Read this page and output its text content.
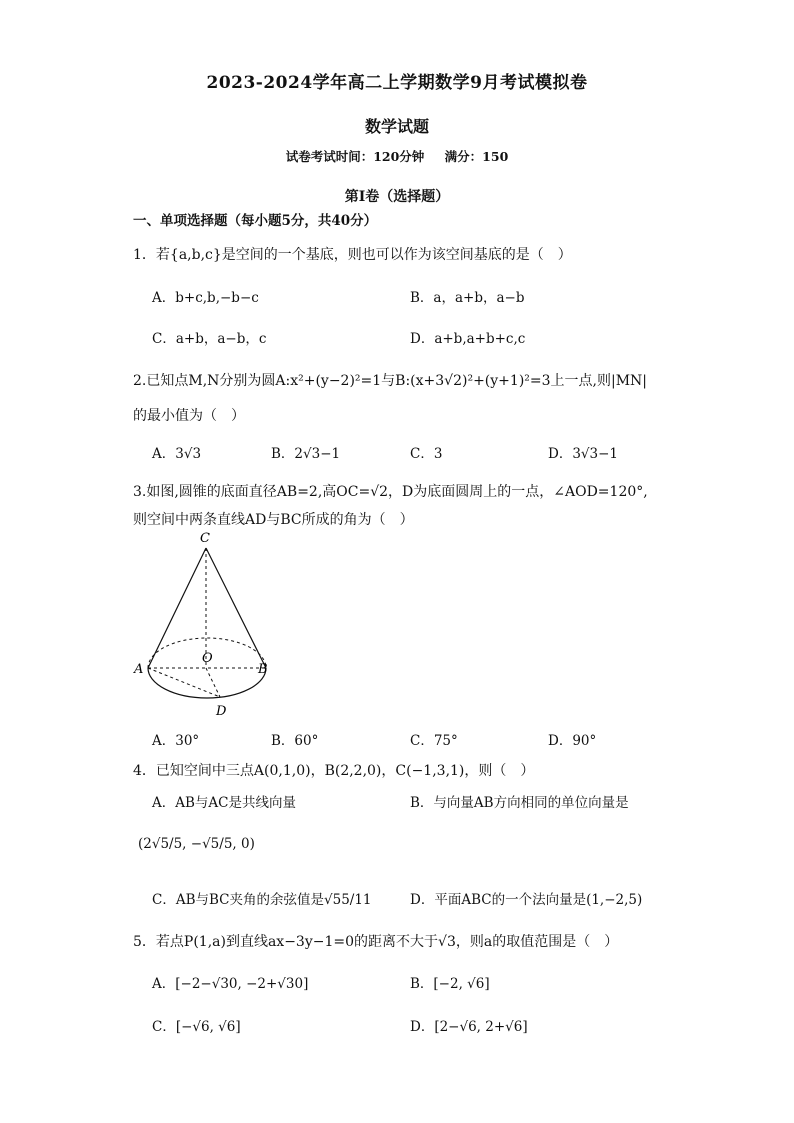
2023-2024学年高二上学期数学9月考试模拟卷
数学试题
试卷考试时间：120分钟 满分：150
第I卷（选择题）
一、单项选择题（每小题5分，共40分）
1．若{a,b,c}是空间的一个基底，则也可以作为该空间基底的是（　）
A．b+c,b,−b−c	B．a，a+b，a−b
C．a+b，a−b，c	D．a+b,a+b+c,c
2.已知点M,N分别为圆A:x²+(y−2)²=1与B:(x+3√2)²+(y+1)²=3上一点,则|MN|
的最小值为（　）
A．3√3	B．2√3−1	C．3	D．3√3−1
3.如图,圆锥的底面直径AB=2,高OC=√2，D为底面圆周上的一点，∠AOD=120°,
则空间中两条直线AD与BC所成的角为（　）
C
A
O
B
D
A．30°	B．60°	C．75°	D．90°
4．已知空间中三点A(0,1,0)，B(2,2,0)，C(−1,3,1)，则（　）
A．AB与AC是共线向量	B．与向量AB方向相同的单位向量是
(2√5/5, −√5/5, 0)
C．AB与BC夹角的余弦值是√55/11	D．平面ABC的一个法向量是(1,−2,5)
5．若点P(1,a)到直线ax−3y−1=0的距离不大于√3，则a的取值范围是（　）
A．[−2−√30, −2+√30]	B．[−2, √6]
C．[−√6, √6]	D．[2−√6, 2+√6]
